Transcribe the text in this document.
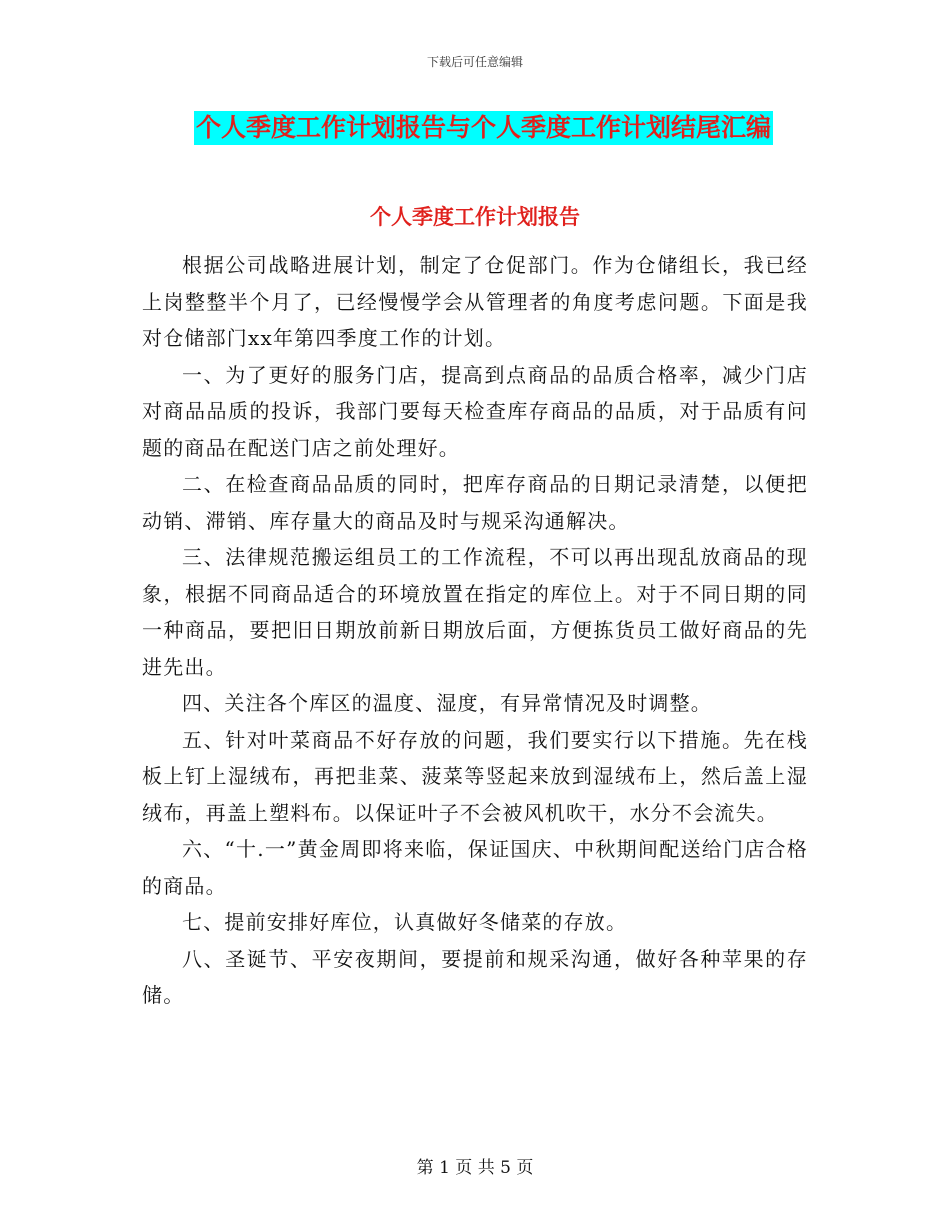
下载后可任意编辑
个人季度工作计划报告与个人季度工作计划结尾汇编
个人季度工作计划报告

根据公司战略进展计划，制定了仓促部门。作为仓储组长，我已经上岗整整半个月了，已经慢慢学会从管理者的角度考虑问题。下面是我对仓储部门xx年第四季度工作的计划。

一、为了更好的服务门店，提高到点商品的品质合格率，减少门店对商品品质的投诉，我部门要每天检查库存商品的品质，对于品质有问题的商品在配送门店之前处理好。

二、在检查商品品质的同时，把库存商品的日期记录清楚，以便把动销、滞销、库存量大的商品及时与规采沟通解决。

三、法律规范搬运组员工的工作流程，不可以再出现乱放商品的现象，根据不同商品适合的环境放置在指定的库位上。对于不同日期的同一种商品，要把旧日期放前新日期放后面，方便拣货员工做好商品的先进先出。

四、关注各个库区的温度、湿度，有异常情况及时调整。

五、针对叶菜商品不好存放的问题，我们要实行以下措施。先在栈板上钉上湿绒布，再把韭菜、菠菜等竖起来放到湿绒布上，然后盖上湿绒布，再盖上塑料布。以保证叶子不会被风机吹干，水分不会流失。

六、“十.一”黄金周即将来临，保证国庆、中秋期间配送给门店合格的商品。

七、提前安排好库位，认真做好冬储菜的存放。

八、圣诞节、平安夜期间，要提前和规采沟通，做好各种苹果的存储。

第 1 页 共 5 页
